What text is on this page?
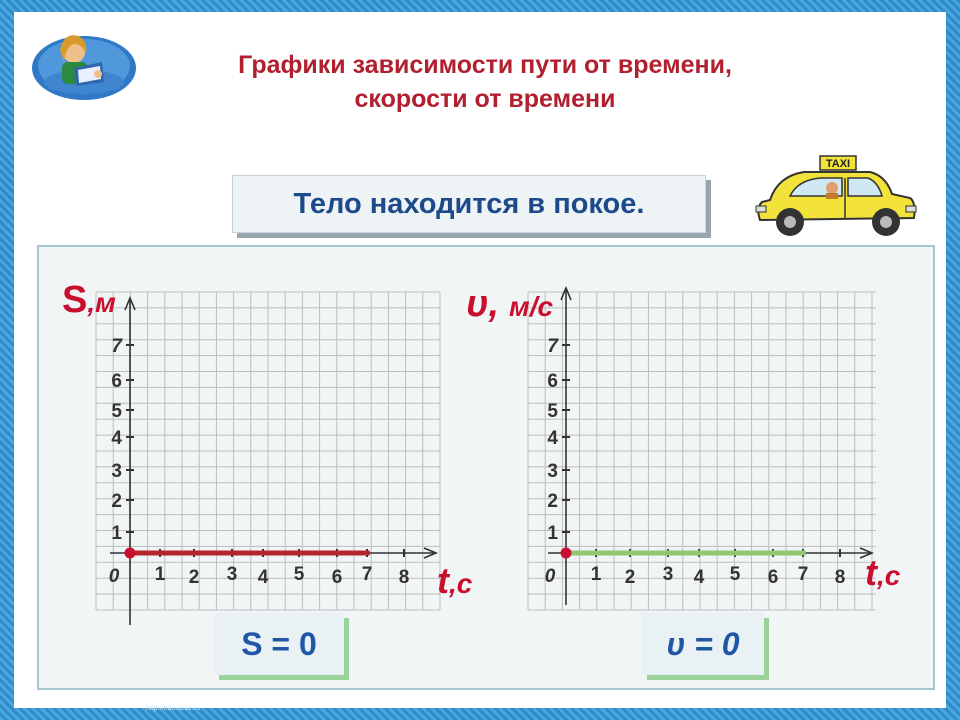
Графики зависимости пути от времени,
скорости от времени
Тело находится в покое.
TAXI
1
2
3
4
5
6
7
1 2 3 4 5 6 7 8
0
S,м
t,с
1
2
3
4
5
6
7
1 2 3 4 5 6 7 8
0
υ, м/с
t,с
S = 0	υ = 0
http://edu.ucoz.ru
